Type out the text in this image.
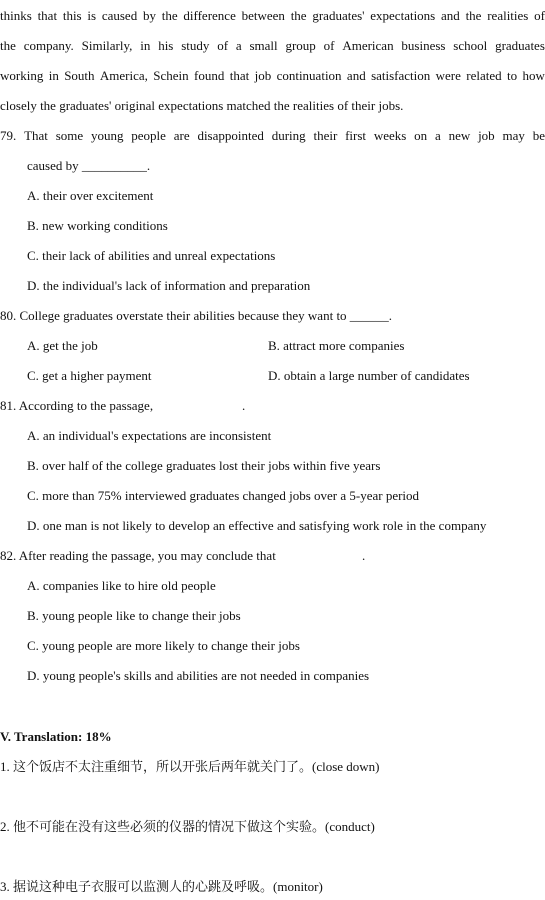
thinks that this is caused by the difference between the graduates' expectations and the realities of
the company. Similarly, in his study of a small group of American business school graduates
working in South America, Schein found that job continuation and satisfaction were related to how
closely the graduates' original expectations matched the realities of their jobs.
79. That some young people are disappointed during their first weeks on a new job may be
caused by __________.
A. their over excitement
B. new working conditions
C. their lack of abilities and unreal expectations
D. the individual's lack of information and preparation
80. College graduates overstate their abilities because they want to ______.
A. get the job	B. attract more companies
C. get a higher payment	D. obtain a large number of candidates
81. According to the passage,	.
A. an individual's expectations are inconsistent
B. over half of the college graduates lost their jobs within five years
C. more than 75% interviewed graduates changed jobs over a 5-year period
D. one man is not likely to develop an effective and satisfying work role in the company
82. After reading the passage, you may conclude that	.
A. companies like to hire old people
B. young people like to change their jobs
C. young people are more likely to change their jobs
D. young people's skills and abilities are not needed in companies
V. Translation: 18%
1. 这个饭店不太注重细节，所以开张后两年就关门了。(close down)
2. 他不可能在没有这些必须的仪器的情况下做这个实验。(conduct)
3. 据说这种电子衣服可以监测人的心跳及呼吸。(monitor)
